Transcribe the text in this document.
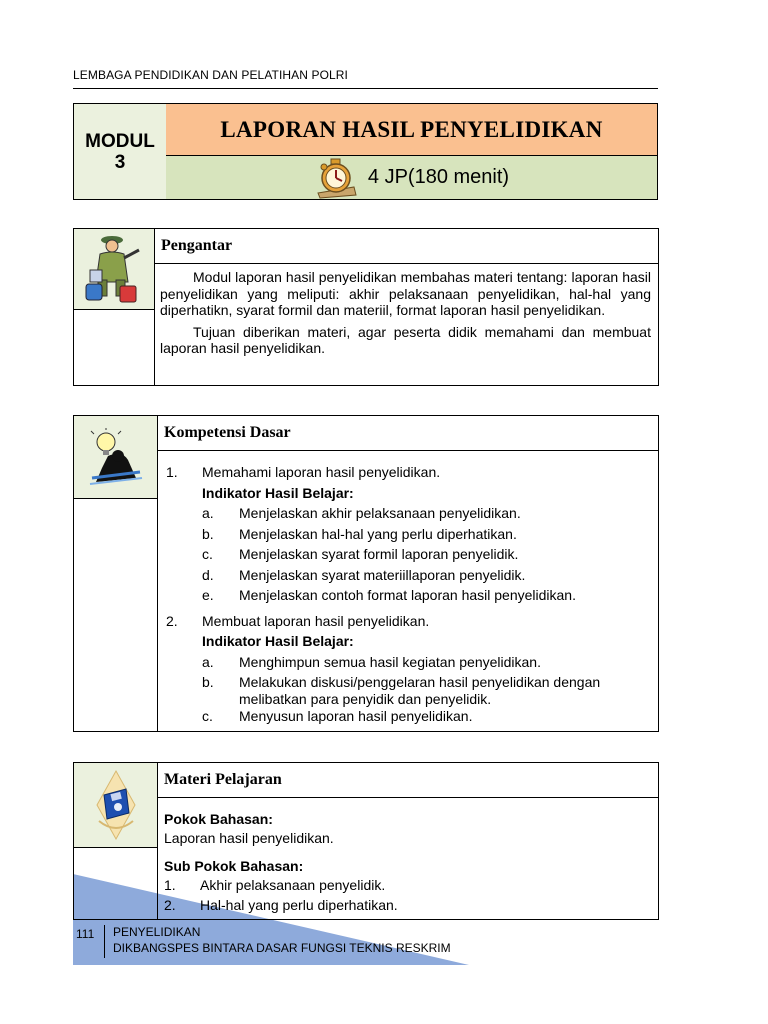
LEMBAGA PENDIDIKAN DAN PELATIHAN POLRI
MODUL
3
LAPORAN HASIL PENYELIDIKAN
4 JP(180 menit)
Pengantar

Modul laporan hasil penyelidikan membahas materi tentang: laporan hasil penyelidikan yang meliputi: akhir pelaksanaan penyelidikan, hal-hal yang diperhatikn, syarat formil dan materiil, format laporan hasil penyelidikan.

Tujuan diberikan materi, agar peserta didik memahami dan membuat laporan hasil penyelidikan.

Kompetensi Dasar
1. Memahami laporan hasil penyelidikan.
Indikator Hasil Belajar:
a. Menjelaskan akhir pelaksanaan penyelidikan.
b. Menjelaskan hal-hal yang perlu diperhatikan.
c. Menjelaskan syarat formil laporan penyelidik.
d. Menjelaskan syarat materiillaporan penyelidik.
e. Menjelaskan contoh format laporan hasil penyelidikan.
2. Membuat laporan hasil penyelidikan.
Indikator Hasil Belajar:
a. Menghimpun semua hasil kegiatan penyelidikan.
b. Melakukan diskusi/penggelaran hasil penyelidikan dengan
melibatkan para penyidik dan penyelidik.
c. Menyusun laporan hasil penyelidikan.
Materi Pelajaran
Pokok Bahasan:
Laporan hasil penyelidikan.
Sub Pokok Bahasan:
1. Akhir pelaksanaan penyelidik.
2. Hal-hal yang perlu diperhatikan.
111 PENYELIDIKAN
DIKBANGSPES BINTARA DASAR FUNGSI TEKNIS RESKRIM
